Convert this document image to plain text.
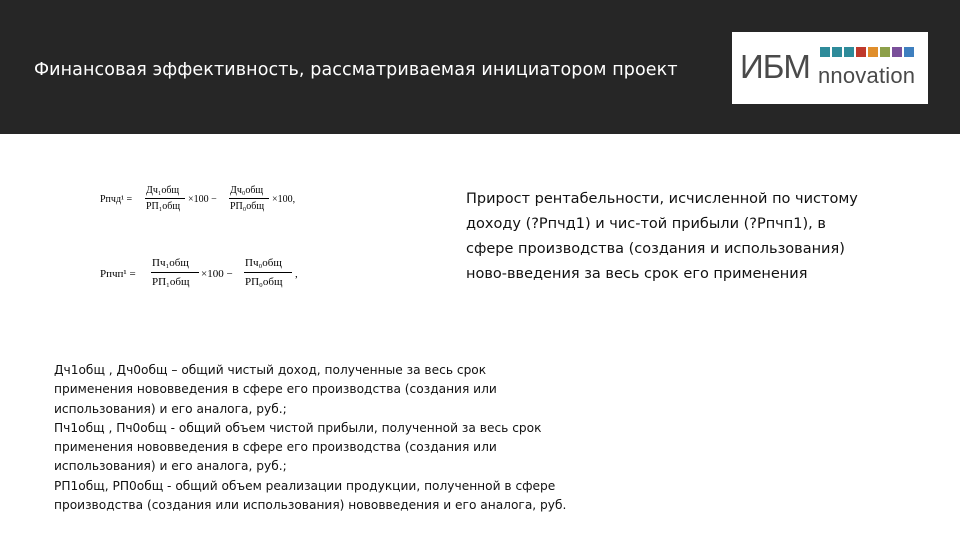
Финансовая эффективность, рассматриваемая инициатором проект ИБМ nnovation
Рпчд¹ =
Дч₁общ
РП₁общ
×100 −
Дч₀общ
РП₀общ
×100,
Рпчп¹ =
Пч₁общ
РП₁общ
×100 −
Пч₀общ
РП₀общ
,
Прирост рентабельности, исчисленной по чистому
доходу (?Рпчд1) и чис-той прибыли (?Рпчп1), в
сфере производства (создания и использования)
ново-введения за весь срок его применения
Дч1общ , Дч0общ – общий чистый доход, полученные за весь срок
применения нововведения в сфере его производства (создания или
использования) и его аналога, руб.;
Пч1общ , Пч0общ - общий объем чистой прибыли, полученной за весь срок
применения нововведения в сфере его производства (создания или
использования) и его аналога, руб.;
РП1общ, РП0общ - общий объем реализации продукции, полученной в сфере
производства (создания или использования) нововведения и его аналога, руб.
